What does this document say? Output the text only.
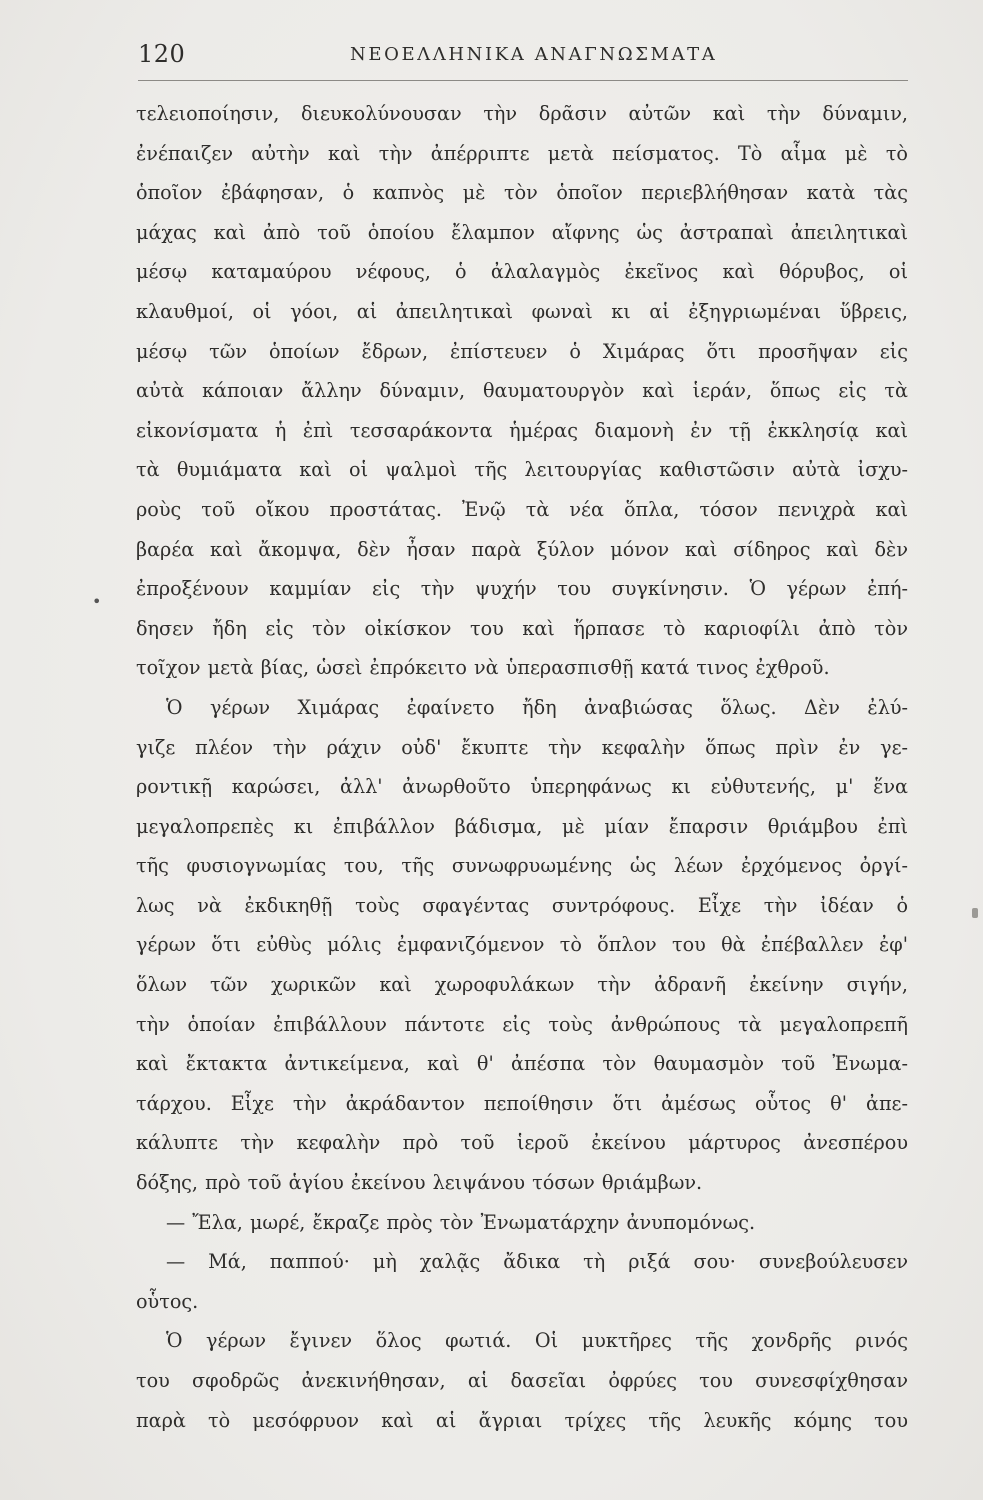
120	ΝΕΟΕΛΛΗΝΙΚΑ ΑΝΑΓΝΩΣΜΑΤΑ
•
τελειοποίησιν, διευκολύνουσαν τὴν δρᾶσιν αὐτῶν καὶ τὴν δύναμιν,
ἐνέπαιζεν αὐτὴν καὶ τὴν ἀπέρριπτε μετὰ πείσματος. Τὸ αἷμα μὲ τὸ
ὁποῖον ἐβάφησαν, ὁ καπνὸς μὲ τὸν ὁποῖον περιεβλήθησαν κατὰ τὰς
μάχας καὶ ἀπὸ τοῦ ὁποίου ἔλαμπον αἴφνης ὡς ἀστραπαὶ ἀπειλητικαὶ
μέσῳ καταμαύρου νέφους, ὁ ἀλαλαγμὸς ἐκεῖνος καὶ θόρυβος, οἱ
κλαυθμοί, οἱ γόοι, αἱ ἀπειλητικαὶ φωναὶ κι αἱ ἐξηγριωμέναι ὕβρεις,
μέσῳ τῶν ὁποίων ἔδρων, ἐπίστευεν ὁ Χιμάρας ὅτι προσῆψαν εἰς
αὐτὰ κάποιαν ἄλλην δύναμιν, θαυματουργὸν καὶ ἱεράν, ὅπως εἰς τὰ
εἰκονίσματα ἡ ἐπὶ τεσσαράκοντα ἡμέρας διαμονὴ ἐν τῇ ἐκκλησίᾳ καὶ
τὰ θυμιάματα καὶ οἱ ψαλμοὶ τῆς λειτουργίας καθιστῶσιν αὐτὰ ἰσχυ-
ροὺς τοῦ οἴκου προστάτας. Ἐνῷ τὰ νέα ὅπλα, τόσον πενιχρὰ καὶ
βαρέα καὶ ἄκομψα, δὲν ἦσαν παρὰ ξύλον μόνον καὶ σίδηρος καὶ δὲν
ἐπροξένουν καμμίαν εἰς τὴν ψυχήν του συγκίνησιν. Ὁ γέρων ἐπή-
δησεν ἤδη εἰς τὸν οἰκίσκον του καὶ ἥρπασε τὸ καριοφίλι ἀπὸ τὸν
τοῖχον μετὰ βίας, ὡσεὶ ἐπρόκειτο νὰ ὑπερασπισθῇ κατά τινος ἐχθροῦ.
Ὁ γέρων Χιμάρας ἐφαίνετο ἤδη ἀναβιώσας ὅλως. Δὲν ἐλύ-
γιζε πλέον τὴν ράχιν οὐδ' ἔκυπτε τὴν κεφαλὴν ὅπως πρὶν ἐν γε-
ροντικῇ καρώσει, ἀλλ' ἀνωρθοῦτο ὑπερηφάνως κι εὐθυτενής, μ' ἕνα
μεγαλοπρεπὲς κι ἐπιβάλλον βάδισμα, μὲ μίαν ἔπαρσιν θριάμβου ἐπὶ
τῆς φυσιογνωμίας του, τῆς συνωφρυωμένης ὡς λέων ἐρχόμενος ὀργί-
λως νὰ ἐκδικηθῇ τοὺς σφαγέντας συντρόφους. Εἶχε τὴν ἰδέαν ὁ
γέρων ὅτι εὐθὺς μόλις ἐμφανιζόμενον τὸ ὅπλον του θὰ ἐπέβαλλεν ἐφ'
ὅλων τῶν χωρικῶν καὶ χωροφυλάκων τὴν ἀδρανῆ ἐκείνην σιγήν,
τὴν ὁποίαν ἐπιβάλλουν πάντοτε εἰς τοὺς ἀνθρώπους τὰ μεγαλοπρεπῆ
καὶ ἔκτακτα ἀντικείμενα, καὶ θ' ἀπέσπα τὸν θαυμασμὸν τοῦ Ἐνωμα-
τάρχου. Εἶχε τὴν ἀκράδαντον πεποίθησιν ὅτι ἀμέσως οὗτος θ' ἀπε-
κάλυπτε τὴν κεφαλὴν πρὸ τοῦ ἱεροῦ ἐκείνου μάρτυρος ἀνεσπέρου
δόξης, πρὸ τοῦ ἁγίου ἐκείνου λειψάνου τόσων θριάμβων.
— Ἔλα, μωρέ, ἔκραζε πρὸς τὸν Ἐνωματάρχην ἀνυπομόνως.
— Μά, παππού· μὴ χαλᾷς ἄδικα τὴ ριξά σου· συνεβούλευσεν
οὗτος.
Ὁ γέρων ἔγινεν ὅλος φωτιά. Οἱ μυκτῆρες τῆς χονδρῆς ρινός
του σφοδρῶς ἀνεκινήθησαν, αἱ δασεῖαι ὀφρύες του συνεσφίχθησαν
παρὰ τὸ μεσόφρυον καὶ αἱ ἄγριαι τρίχες τῆς λευκῆς κόμης του
